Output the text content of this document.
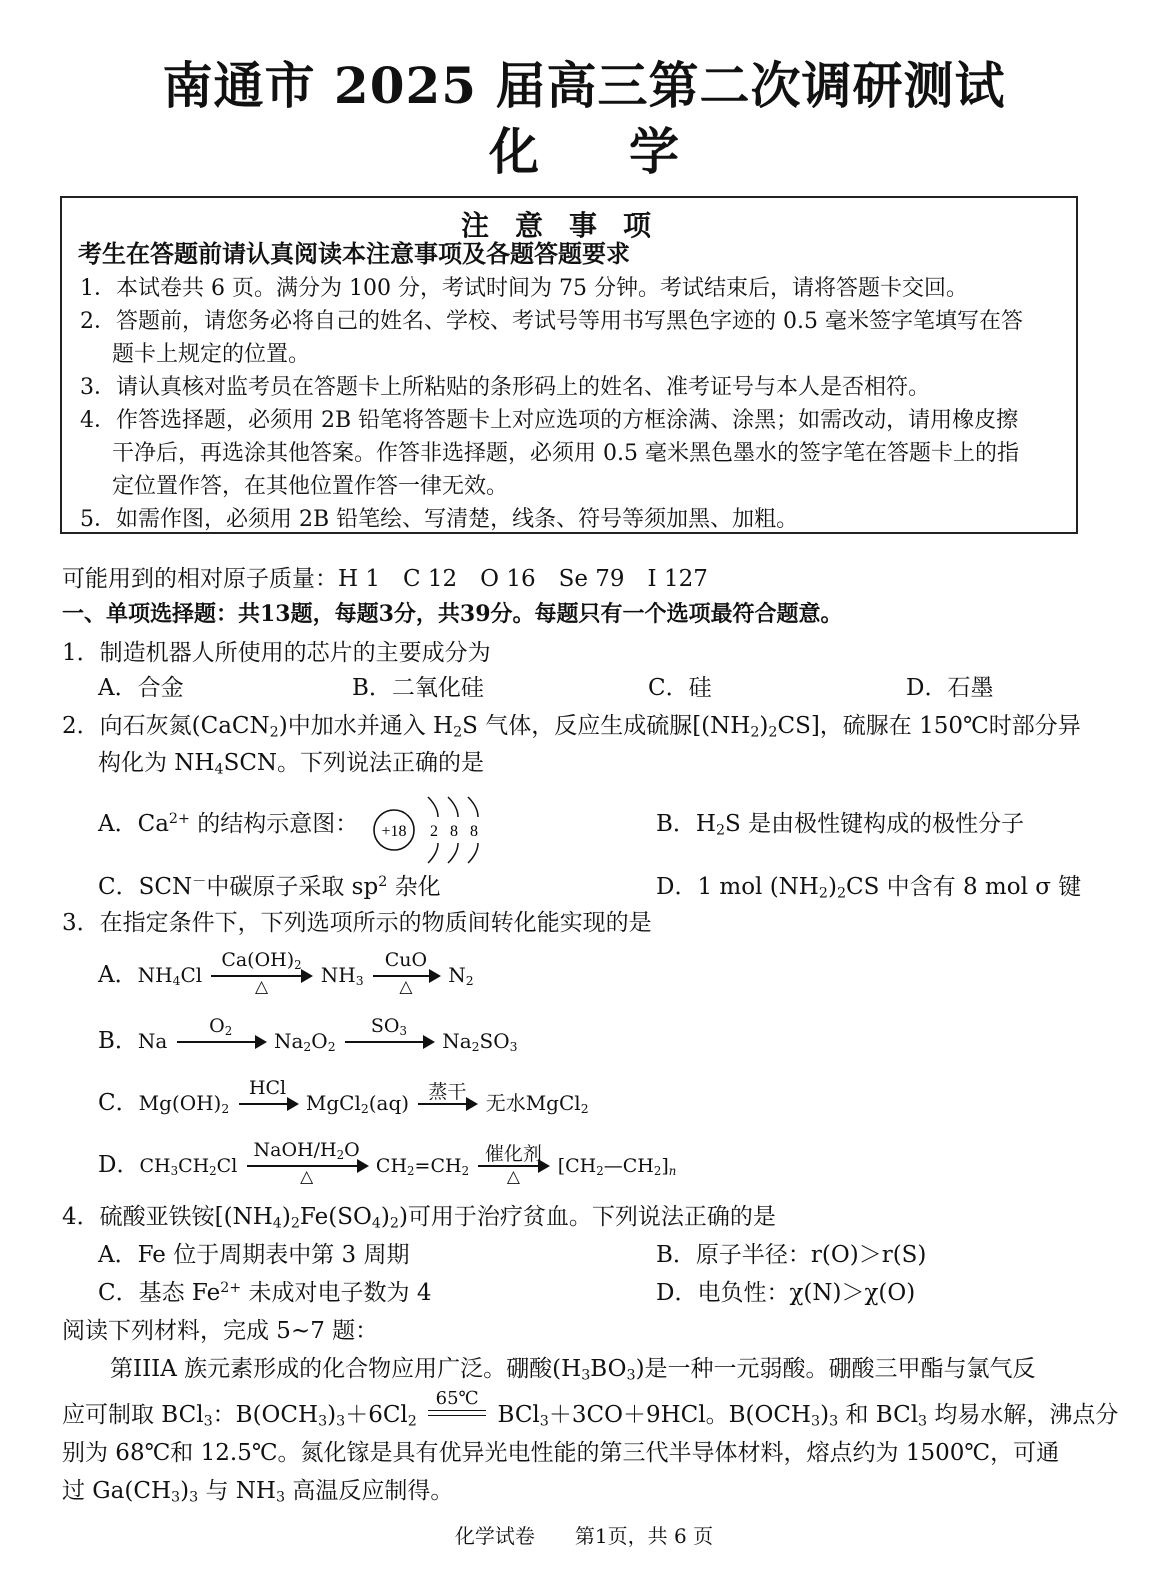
南通市 2025 届高三第二次调研测试
化 学
注意事项
考生在答题前请认真阅读本注意事项及各题答题要求
1．本试卷共 6 页。满分为 100 分，考试时间为 75 分钟。考试结束后，请将答题卡交回。
2．答题前，请您务必将自己的姓名、学校、考试号等用书写黑色字迹的 0.5 毫米签字笔填写在答
题卡上规定的位置。
3．请认真核对监考员在答题卡上所粘贴的条形码上的姓名、准考证号与本人是否相符。
4．作答选择题，必须用 2B 铅笔将答题卡上对应选项的方框涂满、涂黑；如需改动，请用橡皮擦
干净后，再选涂其他答案。作答非选择题，必须用 0.5 毫米黑色墨水的签字笔在答题卡上的指
定位置作答，在其他位置作答一律无效。
5．如需作图，必须用 2B 铅笔绘、写清楚，线条、符号等须加黑、加粗。
可能用到的相对原子质量：H 1　C 12　O 16　Se 79　I 127
一、单项选择题：共13题，每题3分，共39分。每题只有一个选项最符合题意。
1．制造机器人所使用的芯片的主要成分为
A．合金	B．二氧化硅	C．硅	D．石墨
2．向石灰氮(CaCN$_2$)中加水并通入 $H_2S$ 气体，反应生成硫脲$[(NH_2)_2CS]$，硫脲在 150℃时部分异
构化为 $NH_4SCN$。下列说法正确的是
A．$Ca^{2+}$ 的结构示意图： +18 2 8 8	B．$H_2S$ 是由极性键构成的极性分子
C．SCN－中碳原子采取 $sp^2$ 杂化	D．1 mol $(NH_2)_2CS$ 中含有 8 mol σ 键
3．在指定条件下，下列选项所示的物质间转化能实现的是
A．$NH_4Cl$
$Ca(OH)_2$
△	$NH_3$
CuO
△	$N_2$
B．Na
$O_2$	$Na_2O_2$
$SO_3$	$Na_2SO_3$
C．$Mg(OH)_2$
HCl
MgCl$_2$(aq)	蒸干 无水MgCl$_2$
D．$CH_3CH_2Cl$
NaOH/$H_2O$
△	$CH_2=CH_2$
催化剂
△	$[CH_2—CH_2]_n$
4．硫酸亚铁铵$[(NH_4)_2Fe(SO_4)_2)$可用于治疗贫血。下列说法正确的是
A．Fe 位于周期表中第 3 周期	B．原子半径：r(O)＞r(S)
C．基态 $Fe^{2+}$ 未成对电子数为 4	D．电负性：χ(N)＞χ(O)
阅读下列材料，完成 5~7 题：
第IIIA 族元素形成的化合物应用广泛。硼酸$(H_3BO_3)$是一种一元弱酸。硼酸三甲酯与氯气反
应可制取 BCl$_3$：$B(OCH_3)_3+6Cl_2$
65℃
BCl$_3$＋3CO＋9HCl。$B(OCH_3)_3$ 和 BCl$_3$ 均易水解，沸点分
别为 68℃和 12.5℃。氮化镓是具有优异光电性能的第三代半导体材料，熔点约为 1500℃，可通
过 $Ga(CH_3)_3$ 与 $NH_3$ 高温反应制得。
化学试卷　　第1页，共 6 页
